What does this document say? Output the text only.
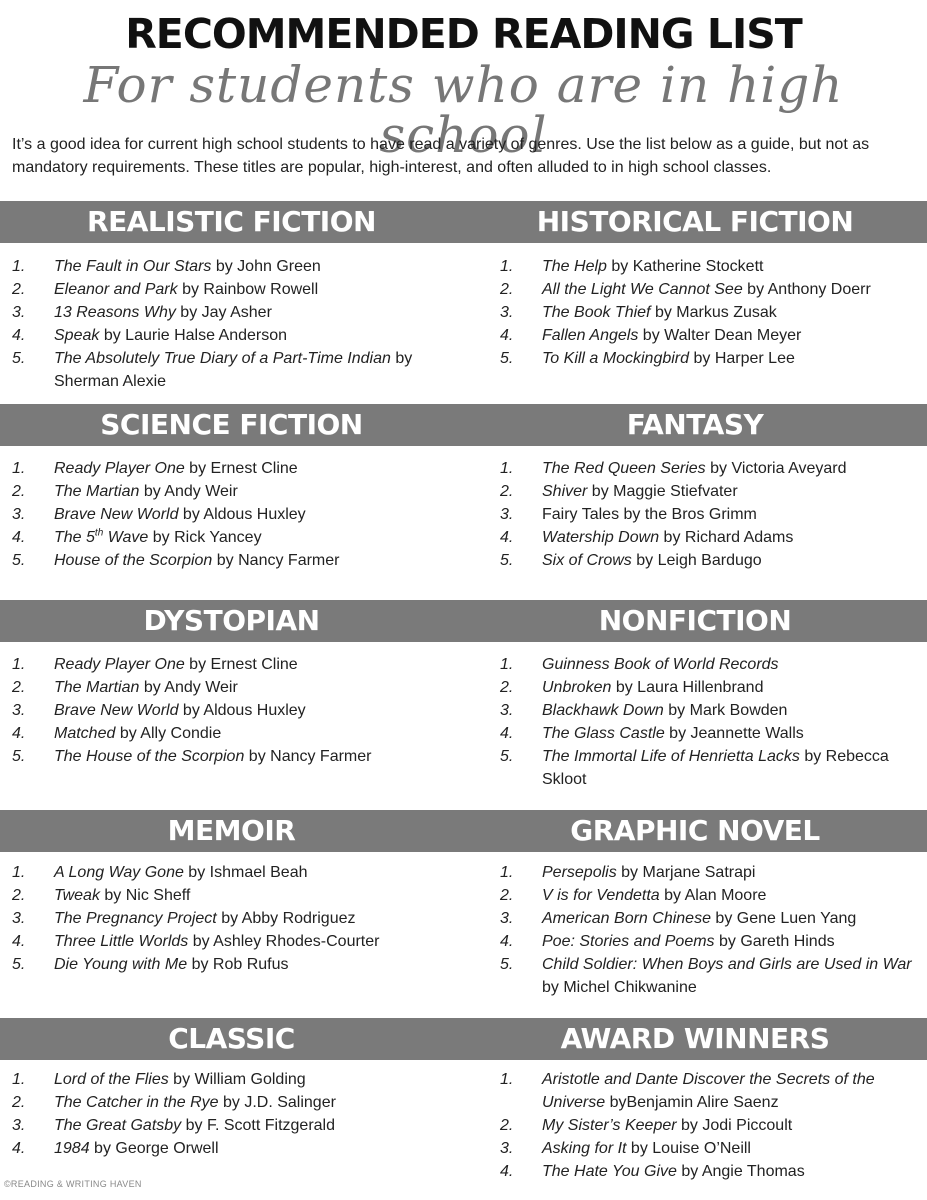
RECOMMENDED READING LIST
For students who are in high school
It’s a good idea for current high school students to have read a variety of genres. Use the list below as a guide, but not as mandatory requirements. These titles are popular, high-interest, and often alluded to in high school classes.
REALISTIC FICTION	HISTORICAL FICTION
1. The Fault in Our Stars by John Green
2. Eleanor and Park by Rainbow Rowell
3. 13 Reasons Why by Jay Asher
4. Speak by Laurie Halse Anderson
5. The Absolutely True Diary of a Part-Time Indian by Sherman Alexie
1. The Help by Katherine Stockett
2. All the Light We Cannot See by Anthony Doerr
3. The Book Thief by Markus Zusak
4. Fallen Angels by Walter Dean Meyer
5. To Kill a Mockingbird by Harper Lee
SCIENCE FICTION	FANTASY
1. Ready Player One by Ernest Cline
2. The Martian by Andy Weir
3. Brave New World by Aldous Huxley
4. The 5th Wave by Rick Yancey
5. House of the Scorpion by Nancy Farmer
1. The Red Queen Series by Victoria Aveyard
2. Shiver by Maggie Stiefvater
3. Fairy Tales by the Bros Grimm
4. Watership Down by Richard Adams
5. Six of Crows by Leigh Bardugo
DYSTOPIAN	NONFICTION
1. Ready Player One by Ernest Cline
2. The Martian by Andy Weir
3. Brave New World by Aldous Huxley
4. Matched by Ally Condie
5. The House of the Scorpion by Nancy Farmer
1. Guinness Book of World Records
2. Unbroken by Laura Hillenbrand
3. Blackhawk Down by Mark Bowden
4. The Glass Castle by Jeannette Walls
5. The Immortal Life of Henrietta Lacks by Rebecca Skloot
MEMOIR	GRAPHIC NOVEL
1. A Long Way Gone by Ishmael Beah
2. Tweak by Nic Sheff
3. The Pregnancy Project by Abby Rodriguez
4. Three Little Worlds by Ashley Rhodes-Courter
5. Die Young with Me by Rob Rufus
1. Persepolis by Marjane Satrapi
2. V is for Vendetta by Alan Moore
3. American Born Chinese by Gene Luen Yang
4. Poe: Stories and Poems by Gareth Hinds
5. Child Soldier: When Boys and Girls are Used in War by Michel Chikwanine
CLASSIC	AWARD WINNERS
1. Lord of the Flies by William Golding
2. The Catcher in the Rye by J.D. Salinger
3. The Great Gatsby by F. Scott Fitzgerald
4. 1984 by George Orwell
1. Aristotle and Dante Discover the Secrets of the Universe byBenjamin Alire Saenz
2. My Sister’s Keeper by Jodi Piccoult
3. Asking for It by Louise O’Neill
4. The Hate You Give by Angie Thomas
©READING & WRITING HAVEN
